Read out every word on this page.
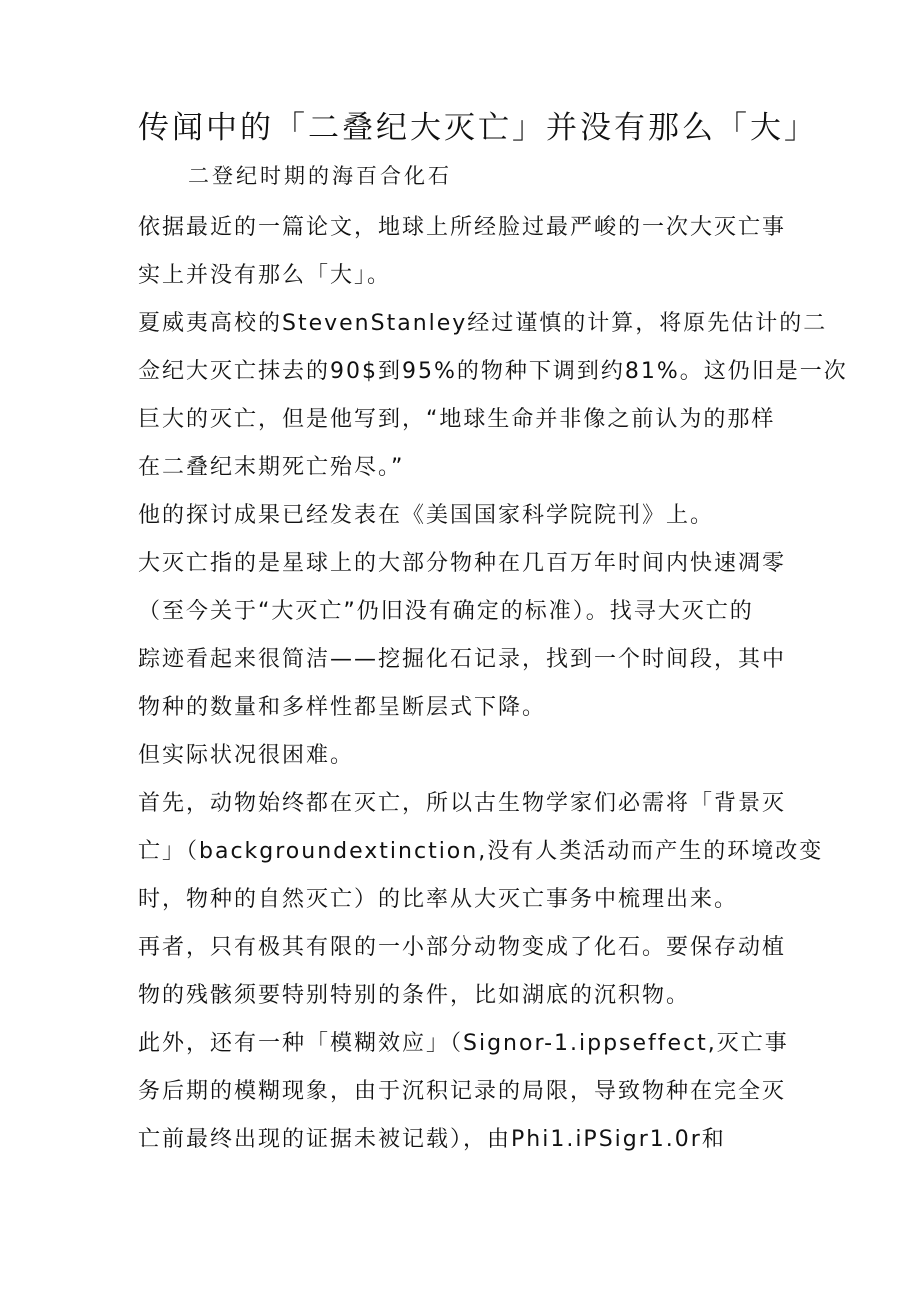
传闻中的「二叠纪大灭亡」并没有那么「大」
二登纪时期的海百合化石
依据最近的一篇论文，地球上所经脸过最严峻的一次大灭亡事
实上并没有那么「大」。
夏威夷高校的StevenStanley经过谨慎的计算，将原先估计的二
佥纪大灭亡抹去的90$到95%的物种下调到约81%。这仍旧是一次
巨大的灭亡，但是他写到，“地球生命并非像之前认为的那样
在二叠纪末期死亡殆尽。”
他的探讨成果已经发表在《美国国家科学院院刊》上。
大灭亡指的是星球上的大部分物种在几百万年时间内快速凋零
（至今关于“大灭亡”仍旧没有确定的标准）。找寻大灭亡的
踪迹看起来很简洁——挖掘化石记录，找到一个时间段，其中
物种的数量和多样性都呈断层式下降。
但实际状况很困难。
首先，动物始终都在灭亡，所以古生物学家们必需将「背景灭
亡」（backgroundextinction,没有人类活动而产生的环境改变
时，物种的自然灭亡）的比率从大灭亡事务中梳理出来。
再者，只有极其有限的一小部分动物变成了化石。要保存动植
物的残骸须要特别特别的条件，比如湖底的沉积物。
此外，还有一种「模糊效应」（Signor-1.ippseffect,灭亡事
务后期的模糊现象，由于沉积记录的局限，导致物种在完全灭
亡前最终出现的证据未被记载），由Phi1.iPSigr1.0r和
